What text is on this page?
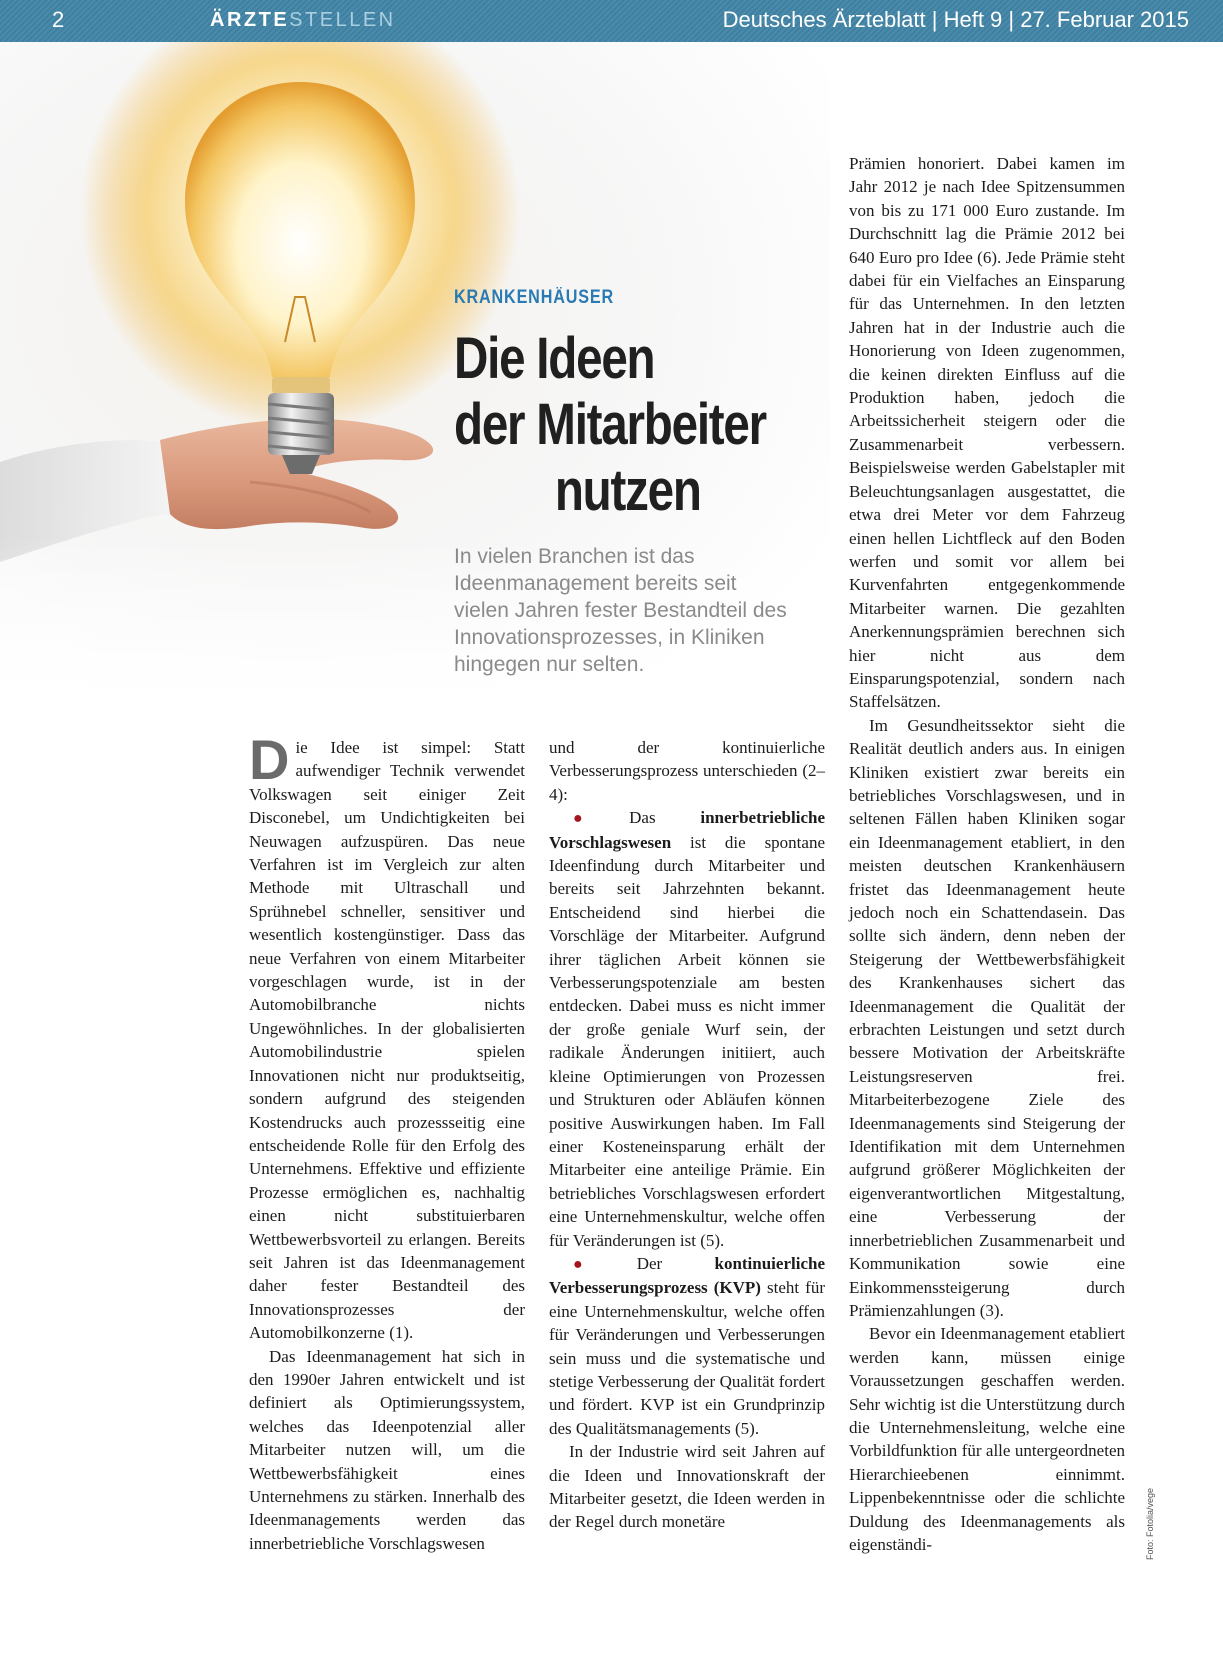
2	ÄRZTESTELLEN	Deutsches Ärzteblatt | Heft 9 | 27. Februar 2015
KRANKENHÄUSER
Die Ideen
der Mitarbeiter
nutzen
In vielen Branchen ist das Ideenmanagement bereits seit vielen Jahren fester Bestandteil des Innovationsprozesses, in Kliniken hingegen nur selten.

Die Idee ist simpel: Statt aufwendiger Technik verwendet Volkswagen seit einiger Zeit Disconebel, um Undichtigkeiten bei Neuwagen aufzuspüren. Das neue Verfahren ist im Vergleich zur alten Methode mit Ultraschall und Sprühnebel schneller, sensitiver und wesentlich kostengünstiger. Dass das neue Verfahren von einem Mitarbeiter vorgeschlagen wurde, ist in der Automobilbranche nichts Ungewöhnliches. In der globalisierten Automobilindustrie spielen Innovationen nicht nur produktseitig, sondern aufgrund des steigenden Kostendrucks auch prozessseitig eine entscheidende Rolle für den Erfolg des Unternehmens. Effektive und effiziente Prozesse ermöglichen es, nachhaltig einen nicht substituierbaren Wettbewerbsvorteil zu erlangen. Bereits seit Jahren ist das Ideenmanagement daher fester Bestandteil des Innovationsprozesses der Automobilkonzerne (1).

Das Ideenmanagement hat sich in den 1990er Jahren entwickelt und ist definiert als Optimierungssystem, welches das Ideenpotenzial aller Mitarbeiter nutzen will, um die Wettbewerbsfähigkeit eines Unternehmens zu stärken. Innerhalb des Ideenmanagements werden das innerbetriebliche Vorschlagswesen

und der kontinuierliche Verbesserungsprozess unterschieden (2–4):

● Das innerbetriebliche Vorschlagswesen ist die spontane Ideenfindung durch Mitarbeiter und bereits seit Jahrzehnten bekannt. Entscheidend sind hierbei die Vorschläge der Mitarbeiter. Aufgrund ihrer täglichen Arbeit können sie Verbesserungspotenziale am besten entdecken. Dabei muss es nicht immer der große geniale Wurf sein, der radikale Änderungen initiiert, auch kleine Optimierungen von Prozessen und Strukturen oder Abläufen können positive Auswirkungen haben. Im Fall einer Kosteneinsparung erhält der Mitarbeiter eine anteilige Prämie. Ein betriebliches Vorschlagswesen erfordert eine Unternehmenskultur, welche offen für Veränderungen ist (5).

● Der kontinuierliche Verbesserungsprozess (KVP) steht für eine Unternehmenskultur, welche offen für Veränderungen und Verbesserungen sein muss und die systematische und stetige Verbesserung der Qualität fordert und fördert. KVP ist ein Grundprinzip des Qualitätsmanagements (5).

In der Industrie wird seit Jahren auf die Ideen und Innovationskraft der Mitarbeiter gesetzt, die Ideen werden in der Regel durch monetäre

Prämien honoriert. Dabei kamen im Jahr 2012 je nach Idee Spitzensummen von bis zu 171 000 Euro zustande. Im Durchschnitt lag die Prämie 2012 bei 640 Euro pro Idee (6). Jede Prämie steht dabei für ein Vielfaches an Einsparung für das Unternehmen. In den letzten Jahren hat in der Industrie auch die Honorierung von Ideen zugenommen, die keinen direkten Einfluss auf die Produktion haben, jedoch die Arbeitssicherheit steigern oder die Zusammenarbeit verbessern. Beispielsweise werden Gabelstapler mit Beleuchtungsanlagen ausgestattet, die etwa drei Meter vor dem Fahrzeug einen hellen Lichtfleck auf den Boden werfen und somit vor allem bei Kurvenfahrten entgegenkommende Mitarbeiter warnen. Die gezahlten Anerkennungsprämien berechnen sich hier nicht aus dem Einsparungspotenzial, sondern nach Staffelsätzen.

Im Gesundheitssektor sieht die Realität deutlich anders aus. In einigen Kliniken existiert zwar bereits ein betriebliches Vorschlagswesen, und in seltenen Fällen haben Kliniken sogar ein Ideenmanagement etabliert, in den meisten deutschen Krankenhäusern fristet das Ideenmanagement heute jedoch noch ein Schattendasein. Das sollte sich ändern, denn neben der Steigerung der Wettbewerbsfähigkeit des Krankenhauses sichert das Ideenmanagement die Qualität der erbrachten Leistungen und setzt durch bessere Motivation der Arbeitskräfte Leistungsreserven frei. Mitarbeiterbezogene Ziele des Ideenmanagements sind Steigerung der Identifikation mit dem Unternehmen aufgrund größerer Möglichkeiten der eigenverantwortlichen Mitgestaltung, eine Verbesserung der innerbetrieblichen Zusammenarbeit und Kommunikation sowie eine Einkommenssteigerung durch Prämienzahlungen (3).

Bevor ein Ideenmanagement etabliert werden kann, müssen einige Voraussetzungen geschaffen werden. Sehr wichtig ist die Unterstützung durch die Unternehmensleitung, welche eine Vorbildfunktion für alle untergeordneten Hierarchieebenen einnimmt. Lippenbekenntnisse oder die schlichte Duldung des Ideenmanagements als eigenständi-	Foto: Fotolia/vege
